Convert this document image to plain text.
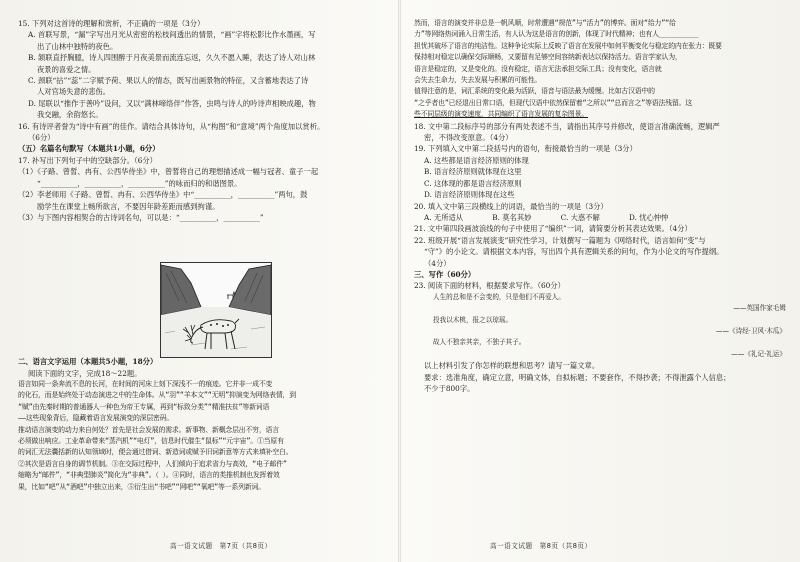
15. 下列对这首诗的理解和赏析，不正确的一项是（3分）
A. 首联写景，“漏”字写出月光从密密的松枝间透出的情景，“画”字将松影比作水墨画，写
出了山林中独特的夜色。
B. 颔联直抒胸臆，诗人四围醉于月夜美景而流连忘返，久久不愿入睡，表达了诗人对山林
夜景的喜爱之情。
C. 颈联“拈”“蕊”二字赋予荷、果以人的情态，既写出画景物的特征，又含蓄地表达了诗
人对官场失意的悲伤。
D. 尾联以“推作于善吟”设问，又以“满林啼络伴”作答，虫鸣与诗人的吟诗声相映成趣，物
我交融，余韵悠长。
16. 有诗评者誉为“诗中有画”的佳作。请结合具体诗句，从“构图”和“意境”两个角度加以赏析。
（6分）
（五）名篇名句默写（本题共1小题，6分）
17. 补写出下列句子中的空缺部分。（6分）
（1）《子路、曾皙、冉有、公西华侍坐》中，曾皙将自己的理想描述成一幅与冠者、童子一起
“__________，__________，__________”的咏而归的和谐图景。
（2）李老师用《子路、曾皙、冉有、公西华侍坐》中“__________，__________”两句，鼓
励学生在课堂上畅所欲言，不要因年龄差距而感到拘谨。
（3）与下图内容相契合的古诗词名句，可以是：“__________，__________”
二、语言文字运用（本题共5小题，18分）
阅读下面的文字，完成18～22题。
语言如同一条奔流不息的长河，在时间的河床上刻下深浅不一的痕迹。它并非一成不变
的化石，而是始终处于动态演进之中的生命体。从“羽”“羊本文”“无明”抑演变为网络表情，到
“赋”由先秦时期的普通器人一种色为帝王专属，再到“标致分类”“精准扶贫”等新词语
——这些现象背后，隐藏着语言发展演变的深层密码。
推动语言演变的动力来自何处？首先是社会发展的需求。新事物、新概念层出不穷，语言
必须做出响应。工业革命带来“蒸汽机”“电灯”，信息时代催生“鼠标”“元宇宙”。①当原有
的词汇无法囊括新的认知领域时，便会通过借词、新造词或赋予旧词新意等方式来填补空白。
②其次是语言自身的调节机制。③在交际过程中，人们倾向于追求省力与高效，“电子邮件”
缩略为“邮件”，“非典型肺炎”简化为“非典”。（ ）。④同时，语言的类推机制也发挥着效
果，比如“吧”从“酒吧”中独立出来，⑤衍生出“书吧”“网吧”“氧吧”等一系列新词。
然而，语言的演变并非总是一帆风顺，时常遭遇“规范”与“活力”的博弈。面对“给力”“给
力”等网络热词涌入日常生活，有人认为这是语言的创新，体现了时代精神；也有人__________
担忧其破坏了语言的纯洁性。这种争论实际上反映了语言在发展中如何平衡变化与稳定的内在张力：既要
保持相对稳定以确保交际顺畅，又要留有足够空间容纳新表达以保持活力。语言学家认为，
语言是稳定的，又是变化的。没有稳定，语言无法承担交际工具；没有变化，语言就
会失去生命力，失去发展与积累的可能性。
值得注意的是，词汇系统的变化最为活跃，语音与语法最为缓慢。比如古汉语中的
“之乎者也”已经退出日常口语，但现代汉语中依然保留着“之所以”“总而言之”等语法残留。这
些不同层级的演变速度，共同编织了语言发展的复杂图景。
18. 文中第二段标序号的部分有两处表述不当，请指出其序号并修改，使语言准确流畅，逻辑严
密，不得改变原意。（4分）
19. 下列填入文中第二段括号内的语句，衔接最恰当的一项是（3分）
A. 这些都是语言经济原则的体现
B. 语言经济原则就体现在这里
C. 这体现的都是语言经济原则
D. 语言经济原则体现在这些
20. 填入文中第三段横线上的词语，最恰当的一项是（3分）
A. 无所适从　　　　B. 莫名其妙　　　　C. 大惑不解　　　　D. 忧心忡忡
21. 文中第四段画波浪线的句子中使用了“编织”一词，请简要分析其表达效果。（4分）
22. 班级开展“语言发展演变”研究性学习，计划撰写一篇题为《网络时代，语言如何“变”与
“守”》的小论文。请根据文本内容，写出四个具有逻辑关系的问句，作为小论文的写作提纲。
（4分）
三、写作（60分）
23. 阅读下面的材料，根据要求写作。（60分）
人生的总和是不会变的，只是他们不再爱人。
——英国作家毛姆
投我以木桃，报之以琼瑶。
——《诗经·卫风·木瓜》
故人不独亲其亲，不独子其子。
——《礼记·礼运》
以上材料引发了你怎样的联想和思考？请写一篇文章。
要求：选准角度，确定立意，明确文体，自拟标题；不要套作，不得抄袭；不得泄露个人信息；
不少于800字。
高一语文试题　第7页（共8页）	高一语文试题　第8页（共8页）
